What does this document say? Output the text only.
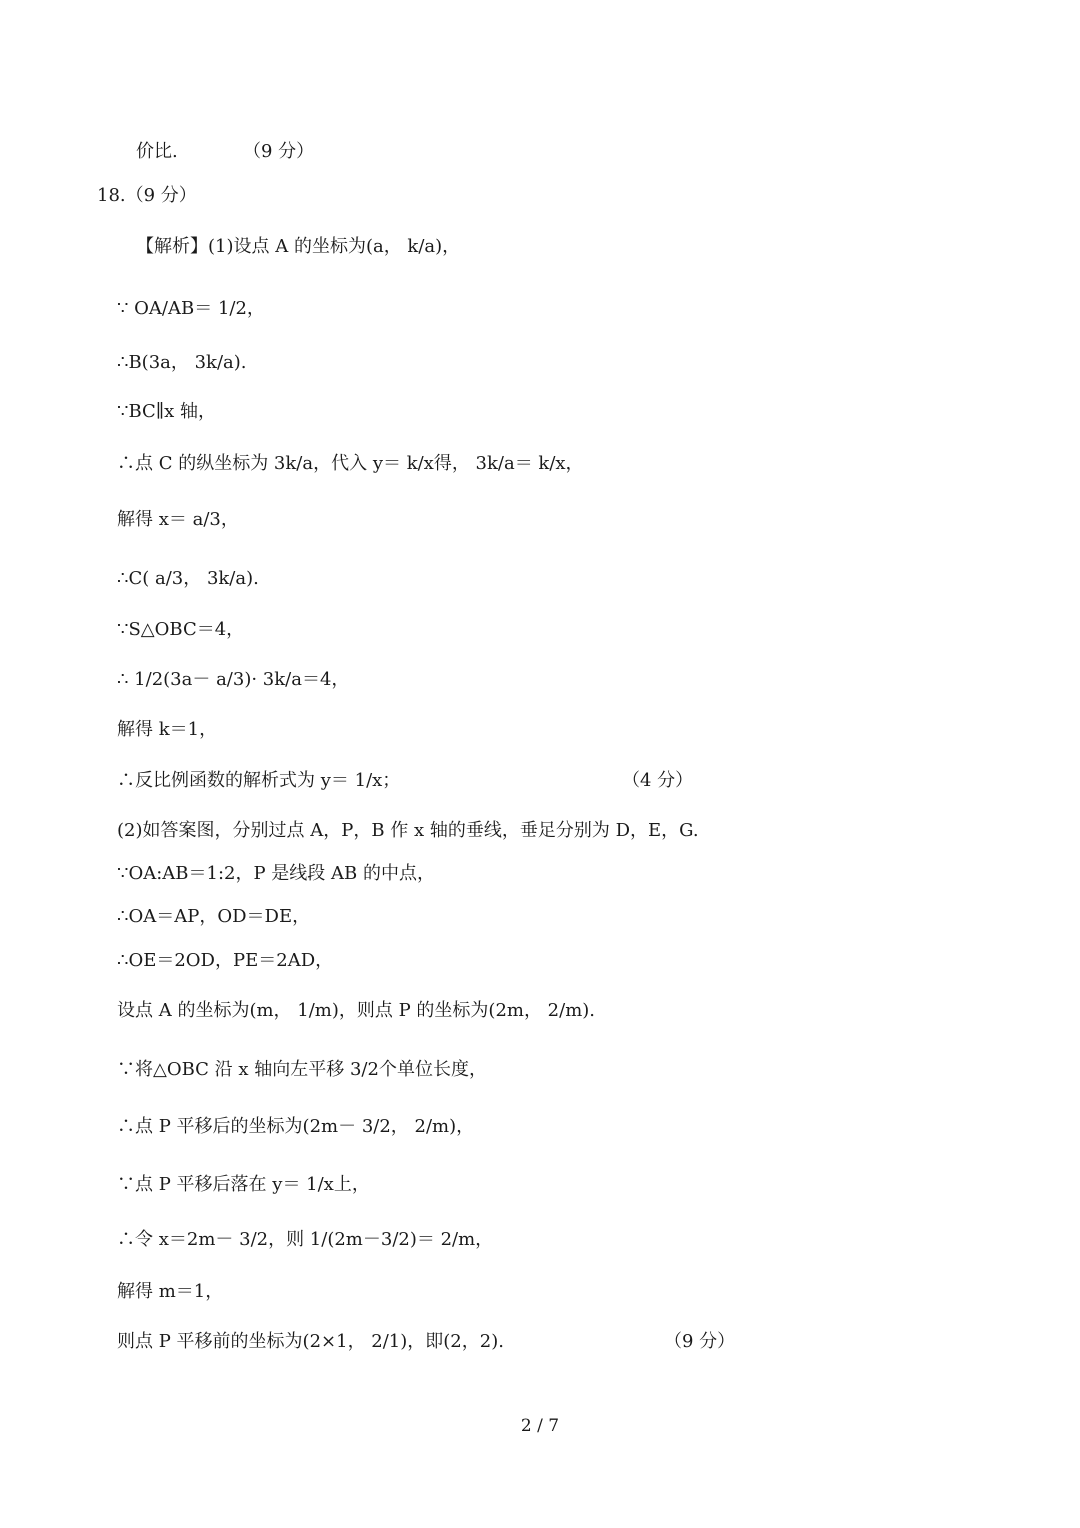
价比.	（9 分）
18.（9 分）
【解析】(1)设点 A 的坐标为(a， k/a)，
∵ OA/AB＝ 1/2，
∴B(3a， 3k/a).
∵BC∥x 轴，
∴点 C 的纵坐标为 3k/a，代入 y＝ k/x得， 3k/a＝ k/x，
解得 x＝ a/3，
∴C( a/3， 3k/a).
∵S△OBC＝4，
∴ 1/2(3a－ a/3)· 3k/a＝4，
解得 k＝1，
∴反比例函数的解析式为 y＝ 1/x；	（4 分）
(2)如答案图，分别过点 A，P，B 作 x 轴的垂线，垂足分别为 D，E，G.
∵OA:AB＝1:2，P 是线段 AB 的中点，
∴OA＝AP，OD＝DE，
∴OE＝2OD，PE＝2AD，
设点 A 的坐标为(m， 1/m)，则点 P 的坐标为(2m， 2/m).
∵将△OBC 沿 x 轴向左平移 3/2个单位长度，
∴点 P 平移后的坐标为(2m－ 3/2， 2/m)，
∵点 P 平移后落在 y＝ 1/x上，
∴令 x＝2m－ 3/2，则 1/(2m－3/2)＝ 2/m，
解得 m＝1，
则点 P 平移前的坐标为(2×1， 2/1)，即(2，2).	（9 分）
2 / 7
